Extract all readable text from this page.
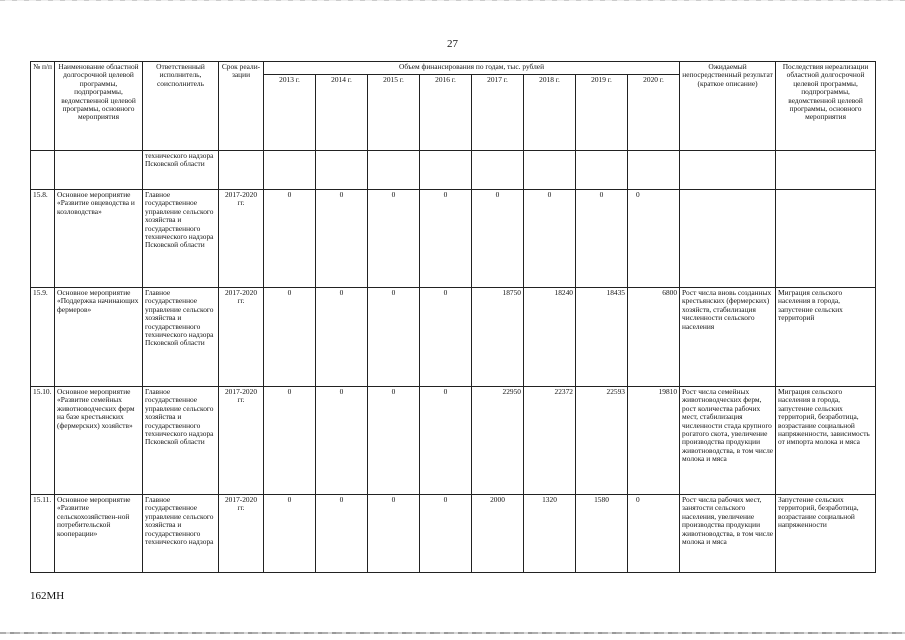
27
№ п/п	Наименование областной долгосрочной целевой программы, подпрограммы, ведомственной целевой программы, основного мероприятия	Ответственный исполнитель, соисполнитель	Срок реали-зации	Объем финансирования по годам, тыс. рублей								Ожидаемый непосредственный результат (краткое описание)	Последствия нереализации областной долгосрочной целевой программы, подпрограммы, ведомственной целевой программы, основного мероприятия
				2013 г.	2014 г.	2015 г.	2016 г.	2017 г.	2018 г.	2019 г.	2020 г.		
		технического надзора Псковской области											
15.8.	Основное мероприятие «Развитие овцеводства и козловодства»	Главное государственное управление сельского хозяйства и государственного технического надзора Псковской области	2017-2020 гг.	0	0	0	0	0	0	0	0		
15.9.	Основное мероприятие «Поддержка начинающих фермеров»	Главное государственное управление сельского хозяйства и государственного технического надзора Псковской области	2017-2020 гг.	0	0	0	0	18750	18240	18435	6800	Рост числа вновь созданных крестьянских (фермерских) хозяйств, стабилизация численности сельского населения	Миграция сельского населения в города, запустение сельских территорий
15.10.	Основное мероприятие «Развитие семейных животноводческих ферм на базе крестьянских (фермерских) хозяйств»	Главное государственное управление сельского хозяйства и государственного технического надзора Псковской области	2017-2020 гг.	0	0	0	0	22950	22372	22593	19810	Рост числа семейных животноводческих ферм, рост количества рабочих мест, стабилизация численности стада крупного рогатого скота, увеличение производства продукции животноводства, в том числе молока и мяса	Миграция сельского населения в города, запустение сельских территорий, безработица, возрастание социальной напряженности, зависимость от импорта молока и мяса
15.11.	Основное мероприятие «Развитие сельскохозяйствен-ной потребительской кооперации»	Главное государственное управление сельского хозяйства и государственного технического надзора	2017-2020 гг.	0	0	0	0	2000	1320	1580	0	Рост числа рабочих мест, занятости сельского населения, увеличение производства продукции животноводства, в том числе молока и мяса	Запустение сельских территорий, безработица, возрастание социальной напряженности
162МН
